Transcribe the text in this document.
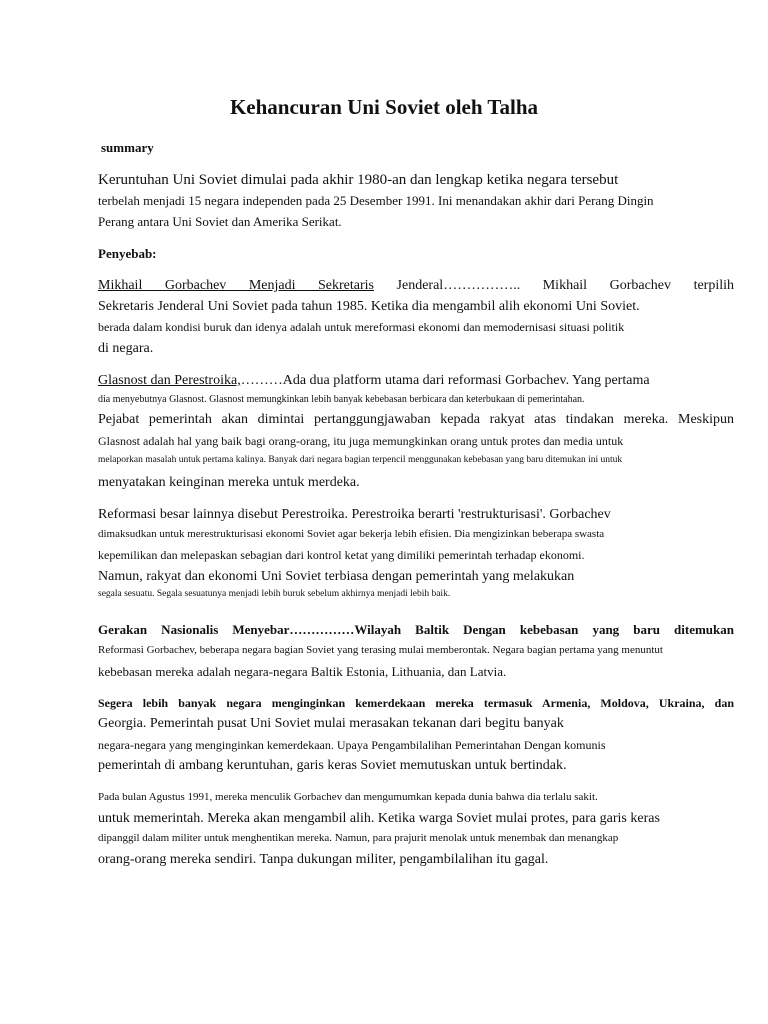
Kehancuran Uni Soviet oleh Talha
summary
Keruntuhan Uni Soviet dimulai pada akhir 1980-an dan lengkap ketika negara tersebut
terbelah menjadi 15 negara independen pada 25 Desember 1991. Ini menandakan akhir dari Perang Dingin
Perang antara Uni Soviet dan Amerika Serikat.
Penyebab:
Mikhail Gorbachev Menjadi Sekretaris Jenderal…………….. Mikhail Gorbachev terpilih
Sekretaris Jenderal Uni Soviet pada tahun 1985. Ketika dia mengambil alih ekonomi Uni Soviet.
berada dalam kondisi buruk dan idenya adalah untuk mereformasi ekonomi dan memodernisasi situasi politik
di negara.
Glasnost dan Perestroika,………Ada dua platform utama dari reformasi Gorbachev. Yang pertama
dia menyebutnya Glasnost. Glasnost memungkinkan lebih banyak kebebasan berbicara dan keterbukaan di pemerintahan.
Pejabat pemerintah akan dimintai pertanggungjawaban kepada rakyat atas tindakan mereka. Meskipun
Glasnost adalah hal yang baik bagi orang-orang, itu juga memungkinkan orang untuk protes dan media untuk
melaporkan masalah untuk pertama kalinya. Banyak dari negara bagian terpencil menggunakan kebebasan yang baru ditemukan ini untuk
menyatakan keinginan mereka untuk merdeka.
Reformasi besar lainnya disebut Perestroika. Perestroika berarti 'restrukturisasi'. Gorbachev
dimaksudkan untuk merestrukturisasi ekonomi Soviet agar bekerja lebih efisien. Dia mengizinkan beberapa swasta
kepemilikan dan melepaskan sebagian dari kontrol ketat yang dimiliki pemerintah terhadap ekonomi.
Namun, rakyat dan ekonomi Uni Soviet terbiasa dengan pemerintah yang melakukan
segala sesuatu. Segala sesuatunya menjadi lebih buruk sebelum akhirnya menjadi lebih baik.
Gerakan Nasionalis Menyebar……………Wilayah Baltik Dengan kebebasan yang baru ditemukan
Reformasi Gorbachev, beberapa negara bagian Soviet yang terasing mulai memberontak. Negara bagian pertama yang menuntut
kebebasan mereka adalah negara-negara Baltik Estonia, Lithuania, dan Latvia.
Segera lebih banyak negara menginginkan kemerdekaan mereka termasuk Armenia, Moldova, Ukraina, dan
Georgia. Pemerintah pusat Uni Soviet mulai merasakan tekanan dari begitu banyak
negara-negara yang menginginkan kemerdekaan. Upaya Pengambilalihan Pemerintahan Dengan komunis
pemerintah di ambang keruntuhan, garis keras Soviet memutuskan untuk bertindak.
Pada bulan Agustus 1991, mereka menculik Gorbachev dan mengumumkan kepada dunia bahwa dia terlalu sakit.
untuk memerintah. Mereka akan mengambil alih. Ketika warga Soviet mulai protes, para garis keras
dipanggil dalam militer untuk menghentikan mereka. Namun, para prajurit menolak untuk menembak dan menangkap
orang-orang mereka sendiri. Tanpa dukungan militer, pengambilalihan itu gagal.
